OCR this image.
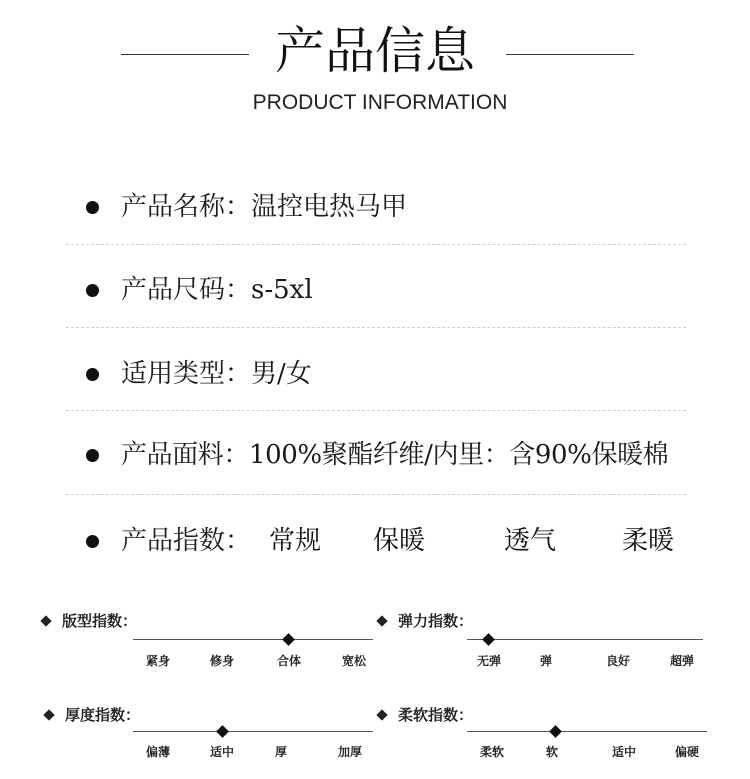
产品信息
PRODUCT INFORMATION
产品名称：温控电热马甲
产品尺码：s-5xl
适用类型：男/女
产品面料：100%聚酯纤维/内里：含90%保暖棉
产品指数： 常规 保暖	透气	柔暖
版型指数：
紧身	修身	合体	宽松
弹力指数：
无弹	弹	良好	超弹
厚度指数：
偏薄	适中	厚	加厚
柔软指数：
柔软	软	适中	偏硬
